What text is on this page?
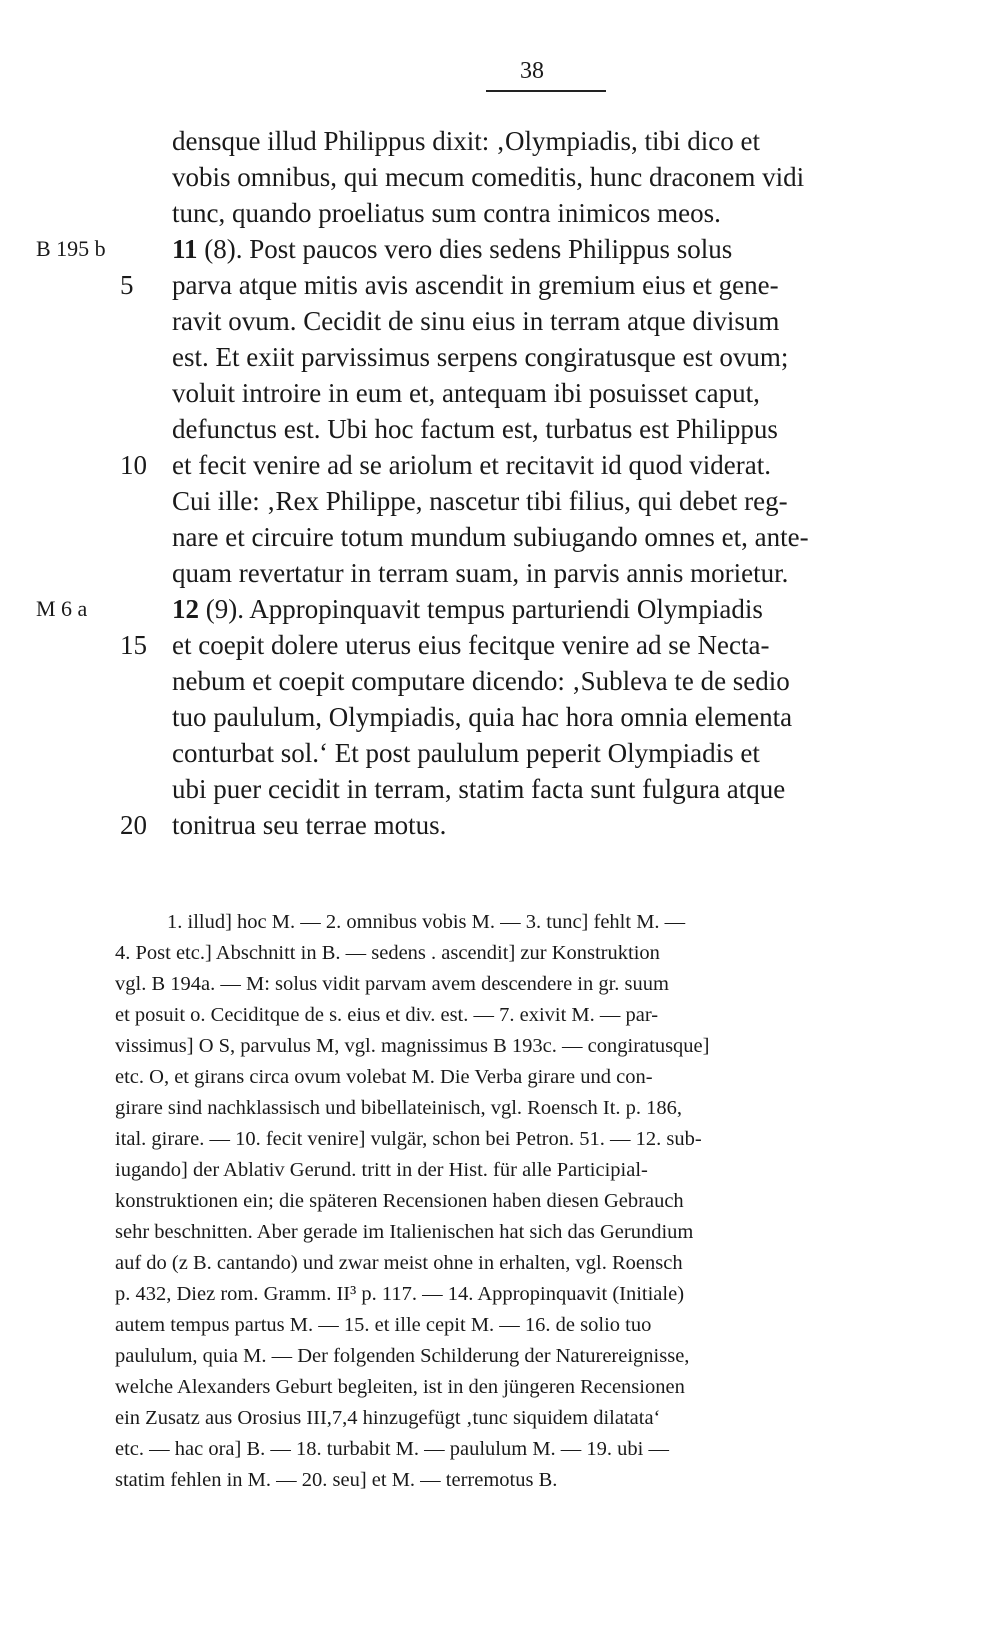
38
densque illud Philippus dixit: ‚Olympiadis, tibi dico et
vobis omnibus, qui mecum comeditis, hunc draconem vidi
tunc, quando proeliatus sum contra inimicos meos.
B 195 b 11 (8). Post paucos vero dies sedens Philippus solus
5	parva atque mitis avis ascendit in gremium eius et gene-
ravit ovum. Cecidit de sinu eius in terram atque divisum
est. Et exiit parvissimus serpens congiratusque est ovum;
voluit introire in eum et, antequam ibi posuisset caput,
defunctus est. Ubi hoc factum est, turbatus est Philippus
10 et fecit venire ad se ariolum et recitavit id quod viderat.
Cui ille: ‚Rex Philippe, nascetur tibi filius, qui debet reg-
nare et circuire totum mundum subiugando omnes et, ante-
quam revertatur in terram suam, in parvis annis morietur.
M 6 a	12 (9). Appropinquavit tempus parturiendi Olympiadis
15 et coepit dolere uterus eius fecitque venire ad se Necta-
nebum et coepit computare dicendo: ‚Subleva te de sedio
tuo paululum, Olympiadis, quia hac hora omnia elementa
conturbat sol.‘ Et post paululum peperit Olympiadis et
ubi puer cecidit in terram, statim facta sunt fulgura atque
20 tonitrua seu terrae motus.
1. illud] hoc M. — 2. omnibus vobis M. — 3. tunc] fehlt M. —
4. Post etc.] Abschnitt in B. — sedens . ascendit] zur Konstruktion
vgl. B 194a. — M: solus vidit parvam avem descendere in gr. suum
et posuit o. Ceciditque de s. eius et div. est. — 7. exivit M. — par-
vissimus] O S, parvulus M, vgl. magnissimus B 193c. — congiratusque]
etc. O, et girans circa ovum volebat M. Die Verba girare und con-
girare sind nachklassisch und bibellateinisch, vgl. Roensch It. p. 186,
ital. girare. — 10. fecit venire] vulgär, schon bei Petron. 51. — 12. sub-
iugando] der Ablativ Gerund. tritt in der Hist. für alle Participial-
konstruktionen ein; die späteren Recensionen haben diesen Gebrauch
sehr beschnitten. Aber gerade im Italienischen hat sich das Gerundium
auf do (z B. cantando) und zwar meist ohne in erhalten, vgl. Roensch
p. 432, Diez rom. Gramm. II³ p. 117. — 14. Appropinquavit (Initiale)
autem tempus partus M. — 15. et ille cepit M. — 16. de solio tuo
paululum, quia M. — Der folgenden Schilderung der Naturereignisse,
welche Alexanders Geburt begleiten, ist in den jüngeren Recensionen
ein Zusatz aus Orosius III,7,4 hinzugefügt ‚tunc siquidem dilatata‘
etc. — hac ora] B. — 18. turbabit M. — paululum M. — 19. ubi —
statim fehlen in M. — 20. seu] et M. — terremotus B.
